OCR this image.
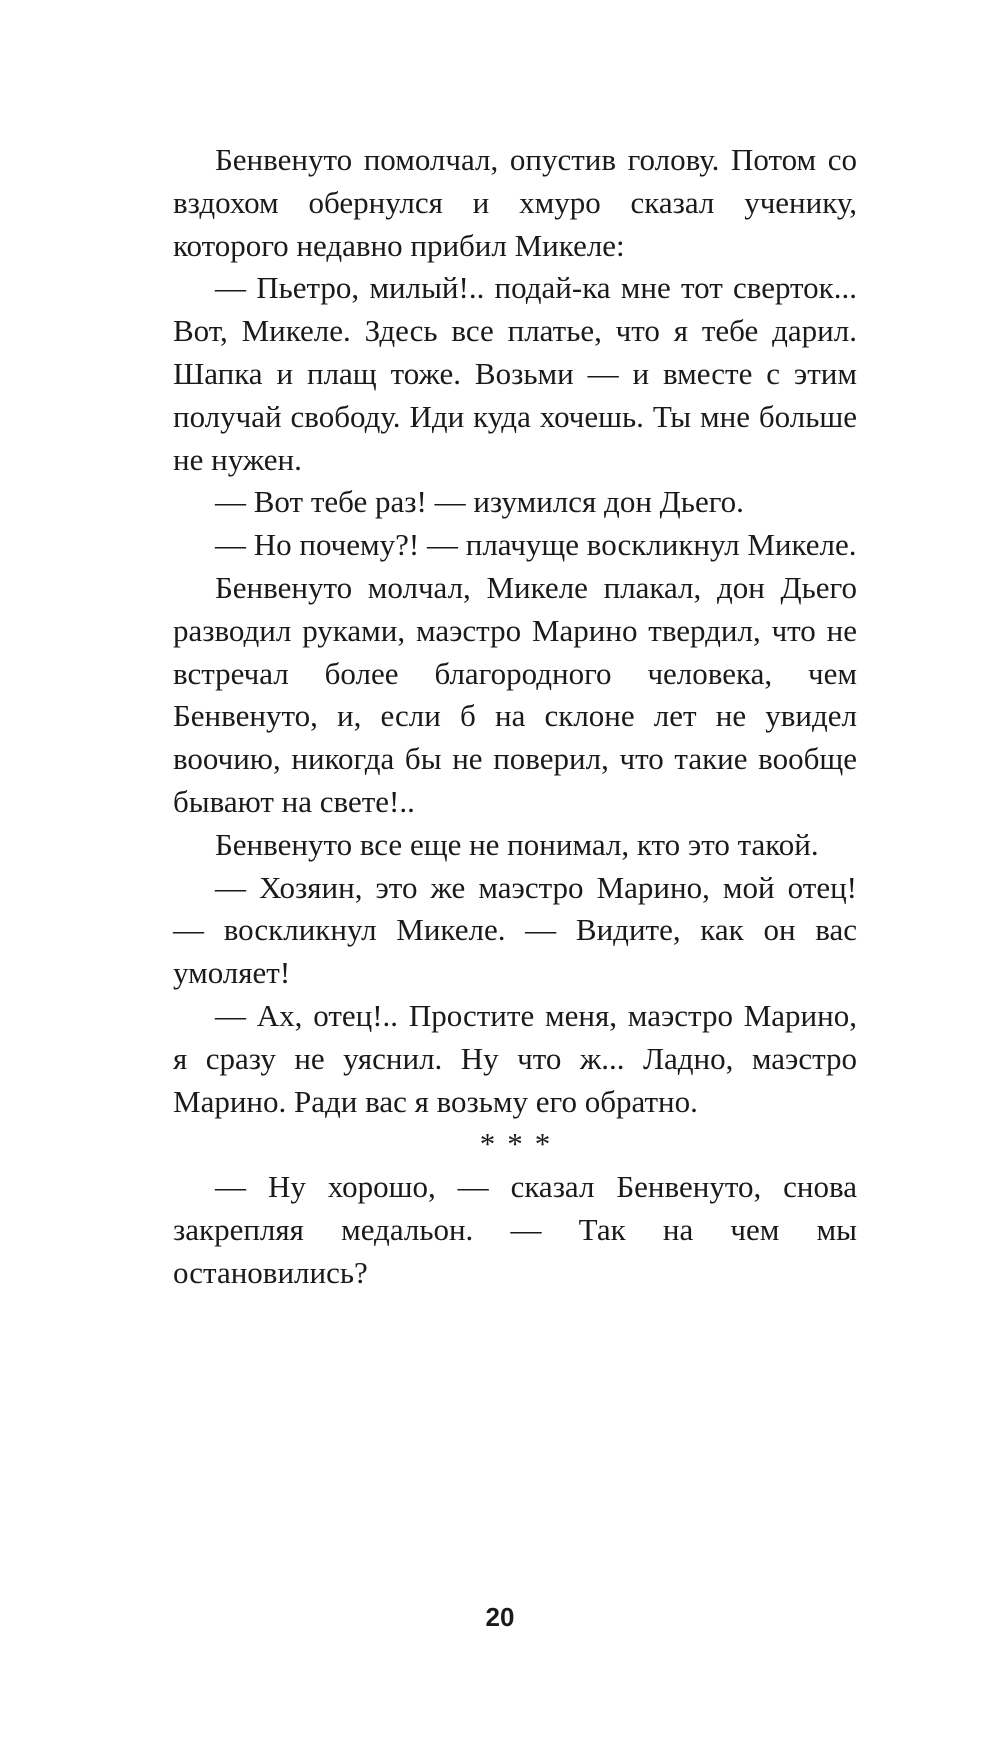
Бенвенуто помолчал, опустив голову. Потом со вздохом обернулся и хмуро сказал ученику, которого недавно прибил Микеле:

— Пьетро, милый!.. подай-ка мне тот сверток... Вот, Микеле. Здесь все платье, что я тебе дарил. Шапка и плащ тоже. Возьми — и вместе с этим получай свободу. Иди куда хочешь. Ты мне больше не нужен.

— Вот тебе раз! — изумился дон Дьего.

— Но почему?! — плачуще воскликнул Микеле.

Бенвенуто молчал, Микеле плакал, дон Дьего разводил руками, маэстро Марино твердил, что не встречал более благородного человека, чем Бенвенуто, и, если б на склоне лет не увидел воочию, никогда бы не поверил, что такие вообще бывают на свете!..

Бенвенуто все еще не понимал, кто это такой.

— Хозяин, это же маэстро Марино, мой отец! — воскликнул Микеле. — Видите, как он вас умоляет!

— Ах, отец!.. Простите меня, маэстро Марино, я сразу не уяснил. Ну что ж... Ладно, маэстро Марино. Ради вас я возьму его обратно.

***

— Ну хорошо, — сказал Бенвенуто, снова закрепляя медальон. — Так на чем мы остановились?

20
